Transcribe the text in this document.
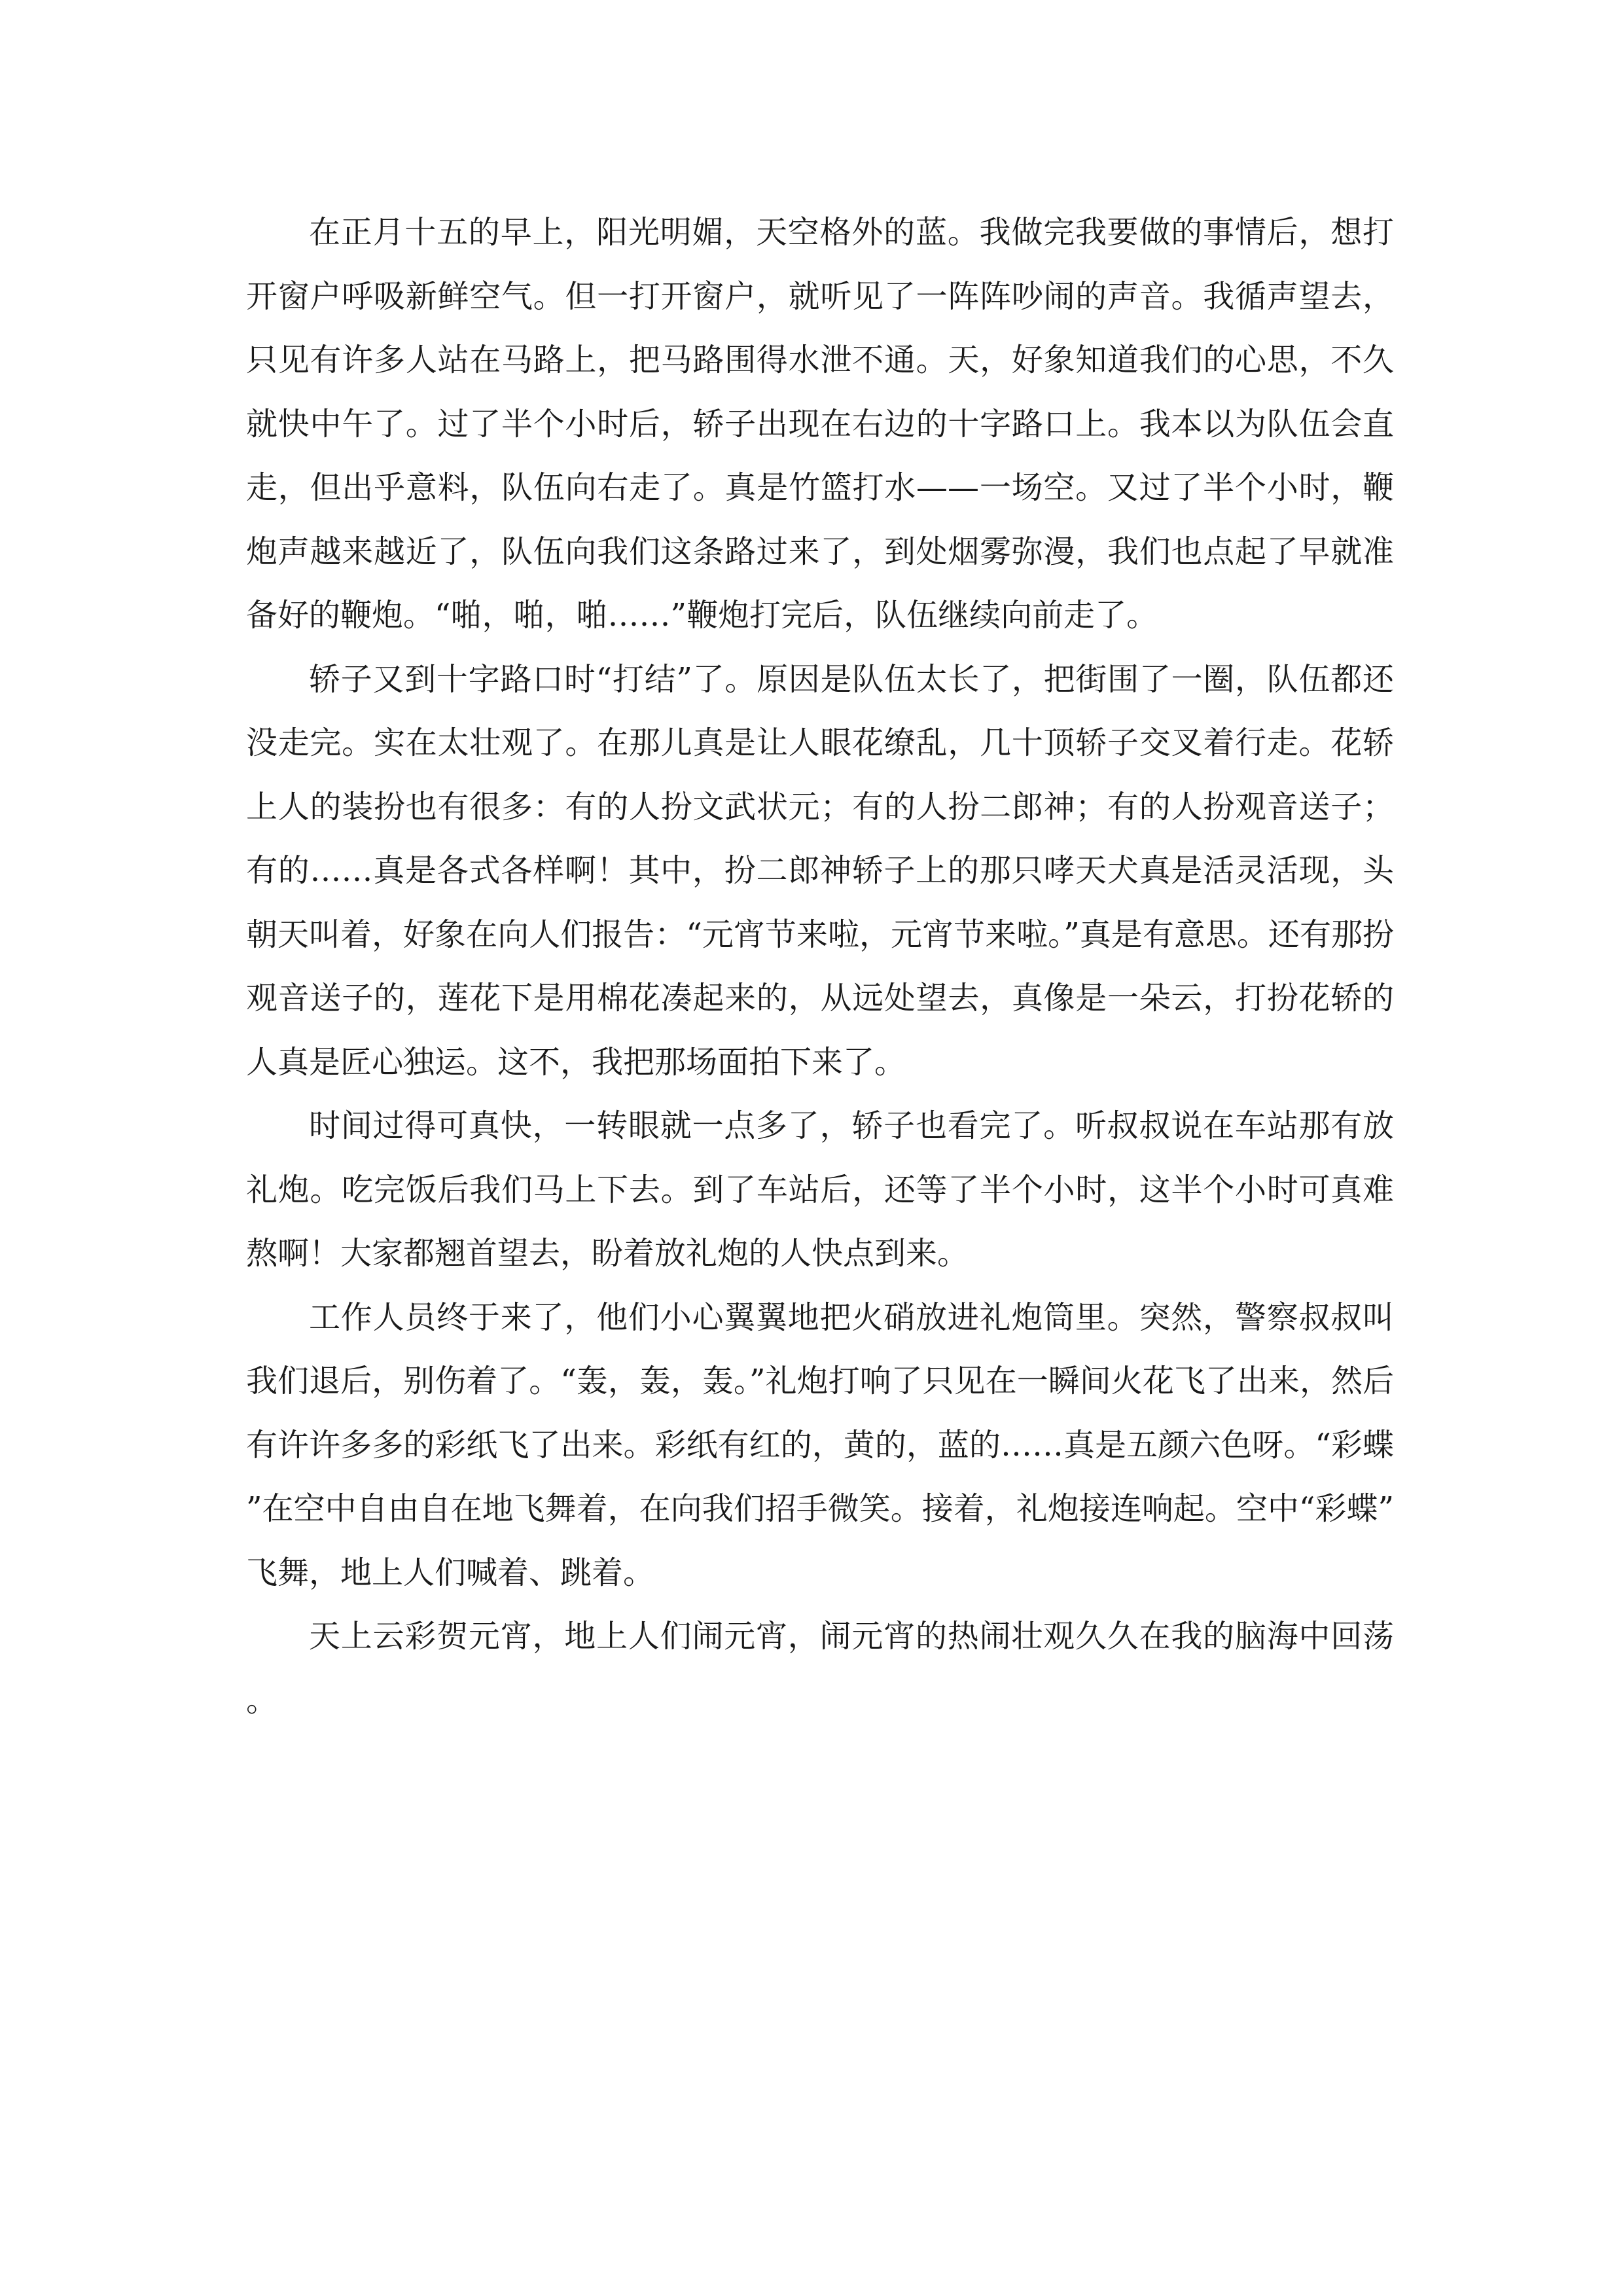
在正月十五的早上，阳光明媚，天空格外的蓝。我做完我要做的事情后，想打开窗户呼吸新鲜空气。但一打开窗户，就听见了一阵阵吵闹的声音。我循声望去，只见有许多人站在马路上，把马路围得水泄不通。天，好象知道我们的心思，不久就快中午了。过了半个小时后，轿子出现在右边的十字路口上。我本以为队伍会直走，但出乎意料，队伍向右走了。真是竹篮打水——一场空。又过了半个小时，鞭炮声越来越近了，队伍向我们这条路过来了，到处烟雾弥漫，我们也点起了早就准备好的鞭炮。“啪，啪，啪……”鞭炮打完后，队伍继续向前走了。

轿子又到十字路口时“打结”了。原因是队伍太长了，把街围了一圈，队伍都还没走完。实在太壮观了。在那儿真是让人眼花缭乱，几十顶轿子交叉着行走。花轿上人的装扮也有很多：有的人扮文武状元；有的人扮二郎神；有的人扮观音送子；有的……真是各式各样啊！其中，扮二郎神轿子上的那只哮天犬真是活灵活现，头朝天叫着，好象在向人们报告：“元宵节来啦，元宵节来啦。”真是有意思。还有那扮观音送子的，莲花下是用棉花凑起来的，从远处望去，真像是一朵云，打扮花轿的人真是匠心独运。这不，我把那场面拍下来了。

时间过得可真快，一转眼就一点多了，轿子也看完了。听叔叔说在车站那有放礼炮。吃完饭后我们马上下去。到了车站后，还等了半个小时，这半个小时可真难熬啊！大家都翘首望去，盼着放礼炮的人快点到来。

工作人员终于来了，他们小心翼翼地把火硝放进礼炮筒里。突然，警察叔叔叫我们退后，别伤着了。“轰，轰，轰。”礼炮打响了只见在一瞬间火花飞了出来，然后有许许多多的彩纸飞了出来。彩纸有红的，黄的，蓝的……真是五颜六色呀。“彩蝶”在空中自由自在地飞舞着，在向我们招手微笑。接着，礼炮接连响起。空中“彩蝶”飞舞，地上人们喊着、跳着。

天上云彩贺元宵，地上人们闹元宵，闹元宵的热闹壮观久久在我的脑海中回荡。
